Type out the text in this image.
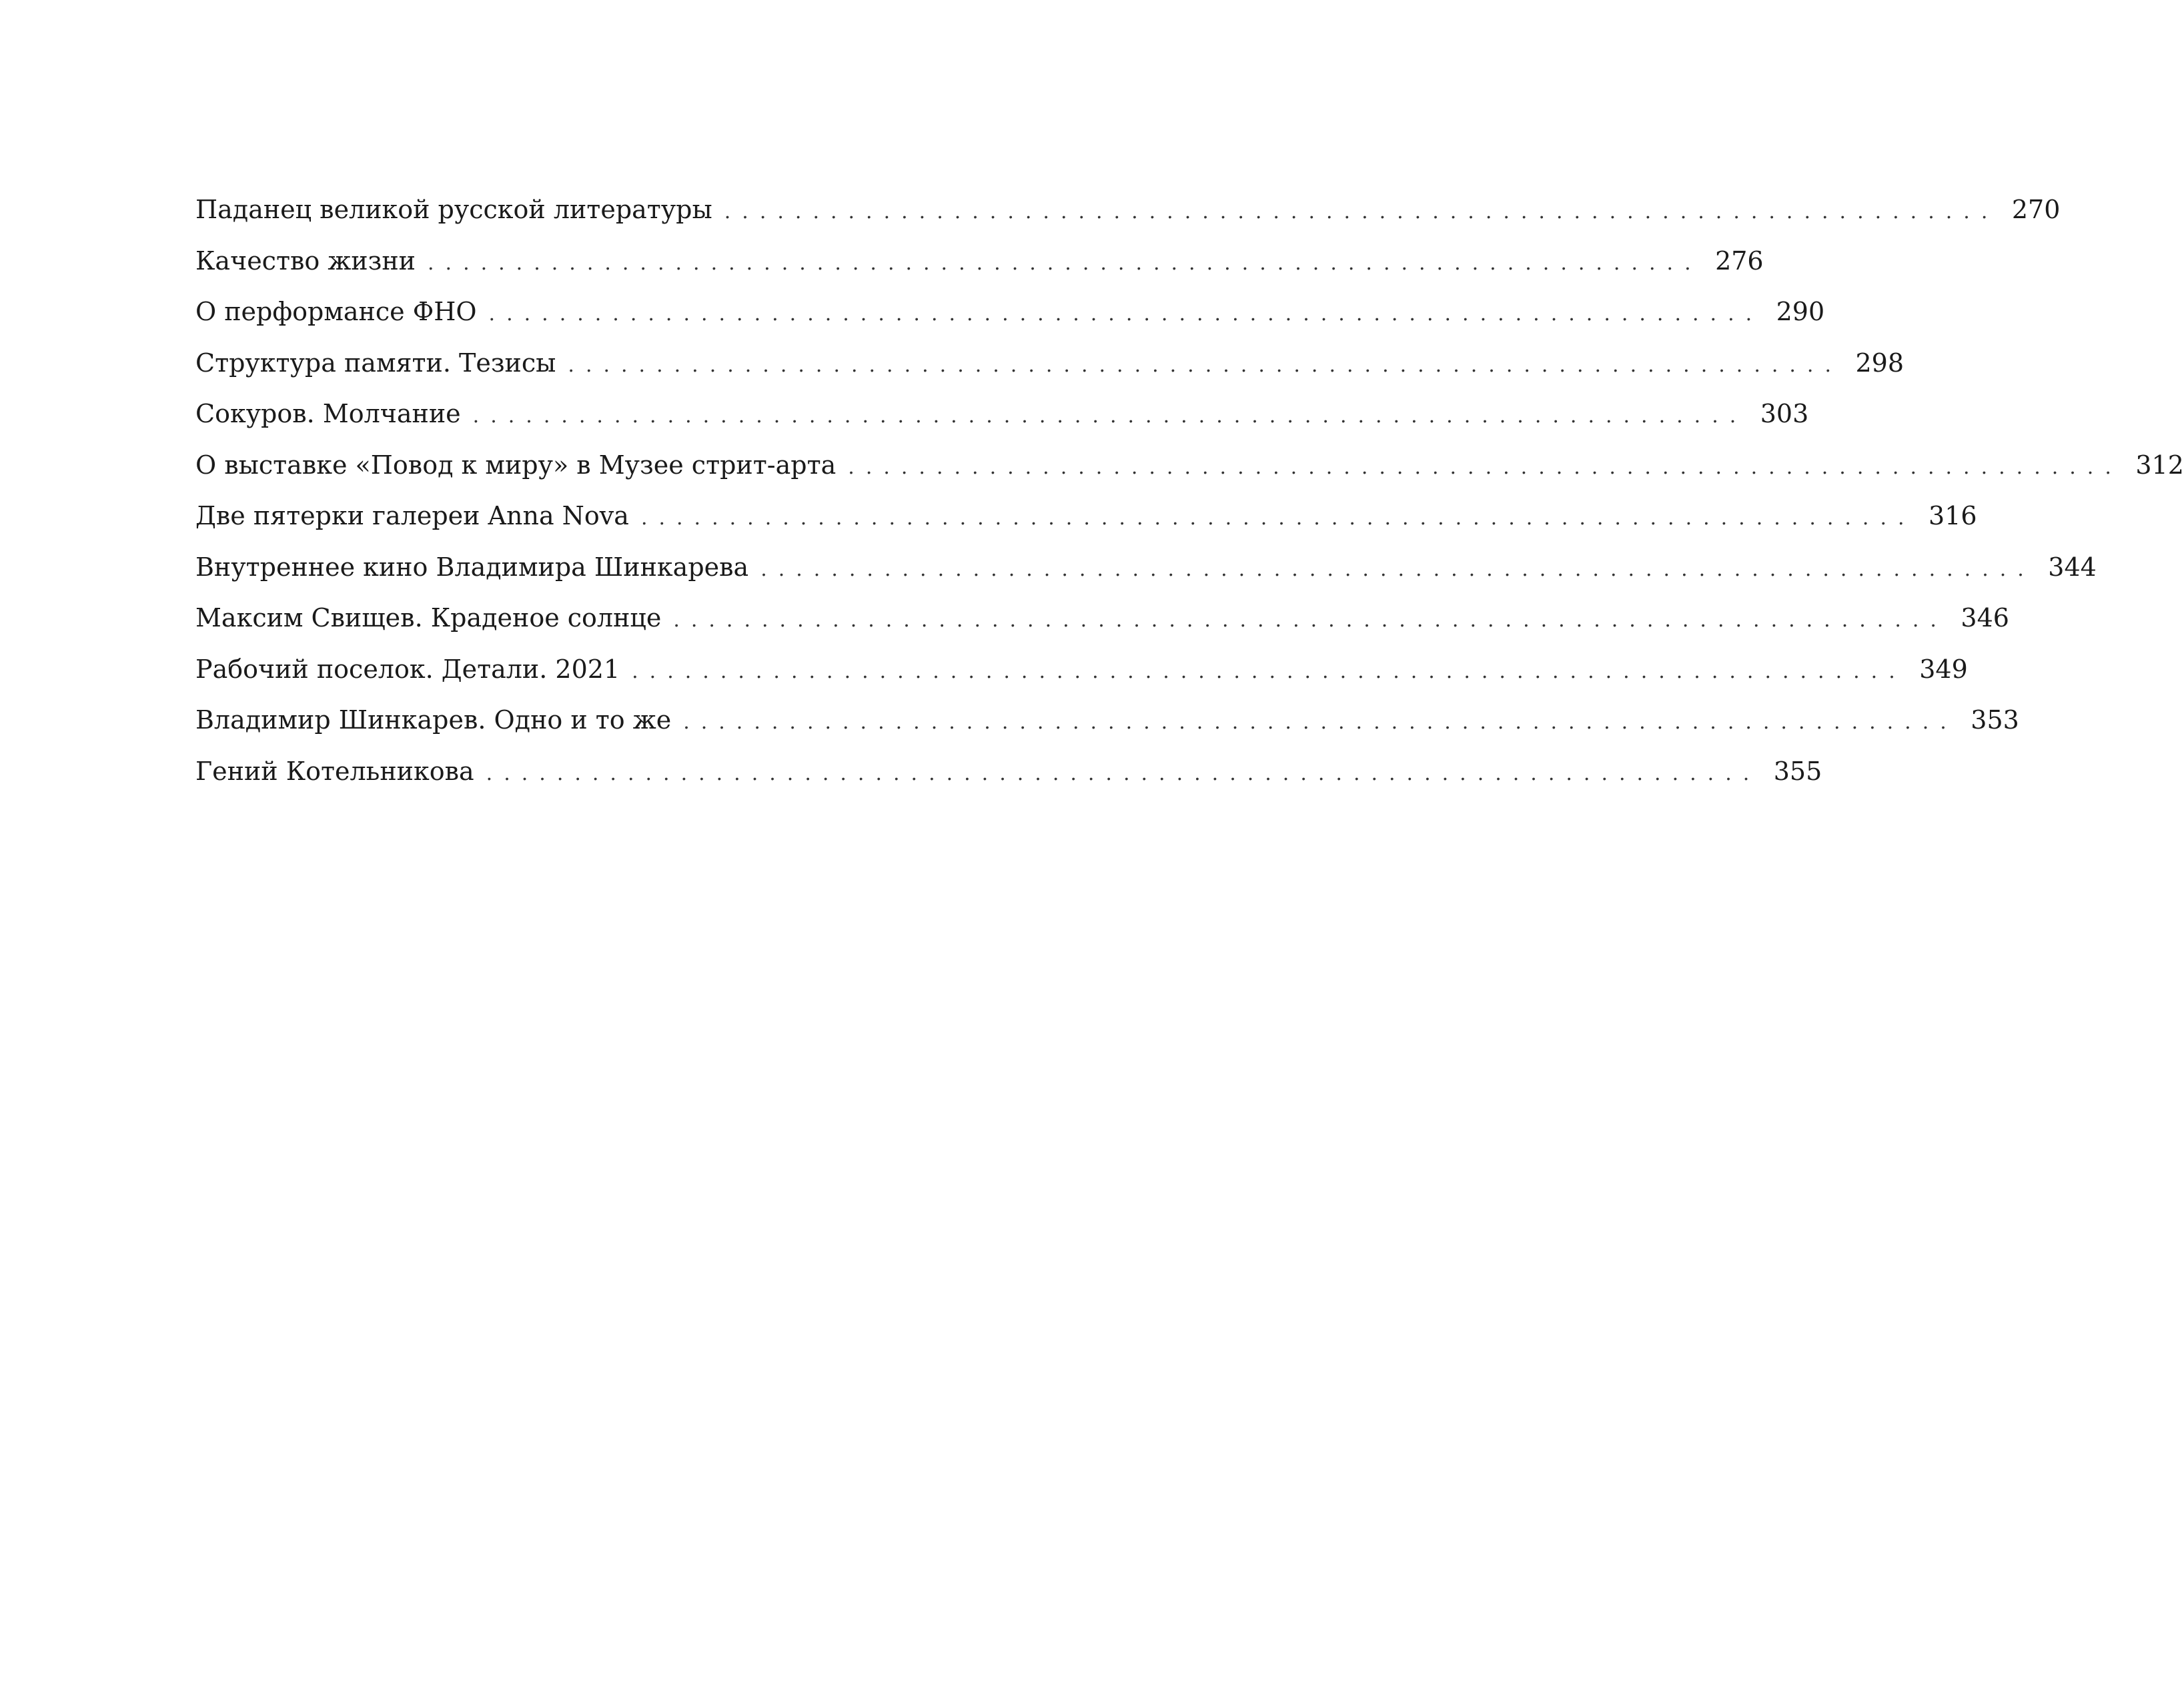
Паданец великой русской литературы ........................................................................ 270
Качество жизни ........................................................................ 276
О перформансе ФНО ........................................................................ 290
Структура памяти. Тезисы ........................................................................ 298
Сокуров. Молчание ........................................................................ 303
О выставке «Повод к миру» в Музее стрит-арта ........................................................................ 312
Две пятерки галереи Anna Nova ........................................................................ 316
Внутреннее кино Владимира Шинкарева ........................................................................ 344
Максим Свищев. Краденое солнце ........................................................................ 346
Рабочий поселок. Детали. 2021 ........................................................................ 349
Владимир Шинкарев. Одно и то же ........................................................................ 353
Гений Котельникова ........................................................................ 355
